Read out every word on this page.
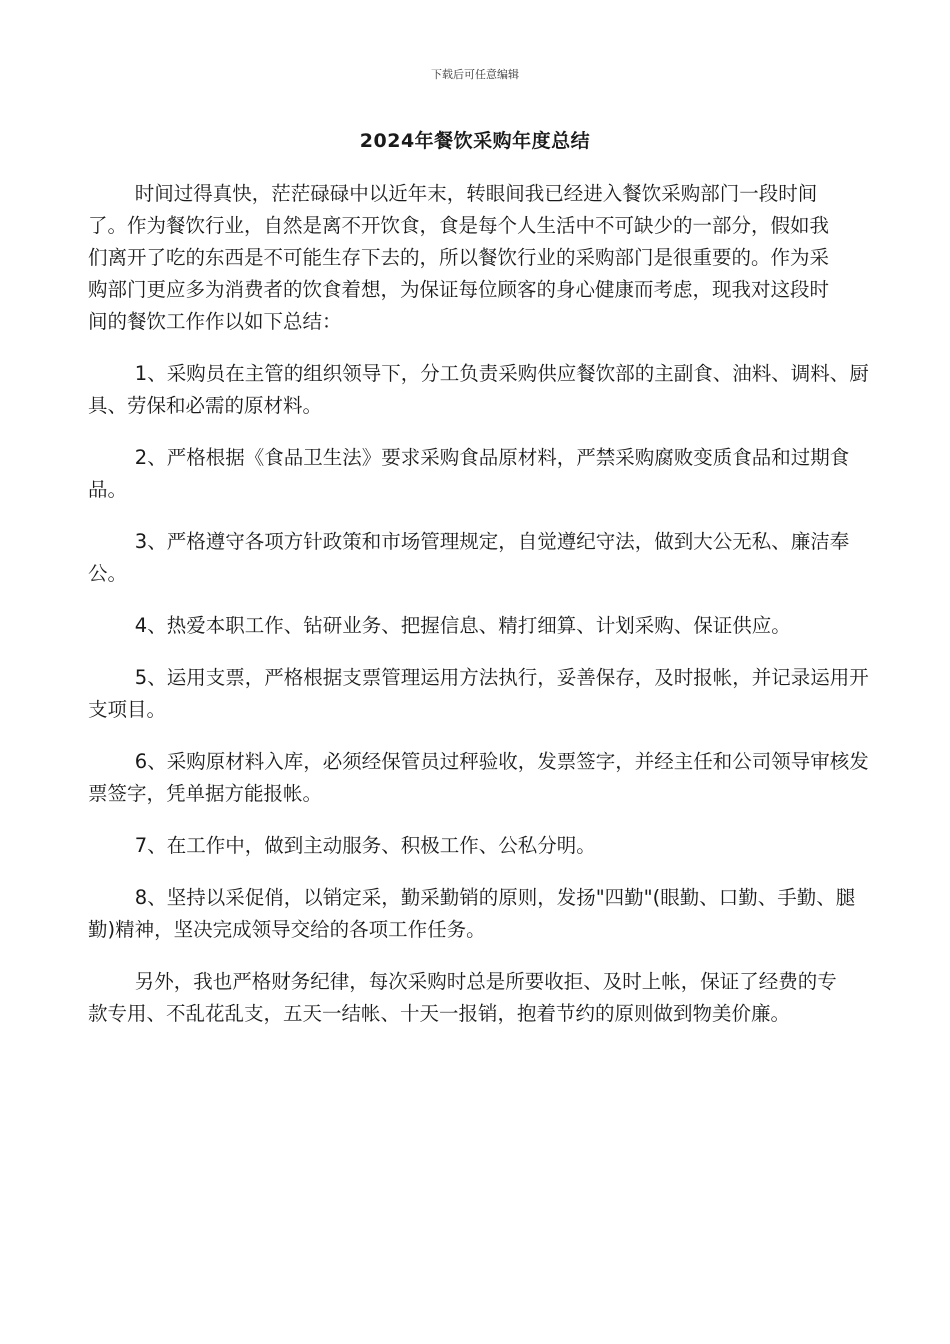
下载后可任意编辑
2024年餐饮采购年度总结

时间过得真快，茫茫碌碌中以近年末，转眼间我已经进入餐饮采购部门一段时间了。作为餐饮行业，自然是离不开饮食，食是每个人生活中不可缺少的一部分，假如我们离开了吃的东西是不可能生存下去的，所以餐饮行业的采购部门是很重要的。作为采购部门更应多为消费者的饮食着想，为保证每位顾客的身心健康而考虑，现我对这段时间的餐饮工作作以如下总结：

1、采购员在主管的组织领导下，分工负责采购供应餐饮部的主副食、油料、调料、厨具、劳保和必需的原材料。

2、严格根据《食品卫生法》要求采购食品原材料，严禁采购腐败变质食品和过期食品。

3、严格遵守各项方针政策和市场管理规定，自觉遵纪守法，做到大公无私、廉洁奉公。

4、热爱本职工作、钻研业务、把握信息、精打细算、计划采购、保证供应。

5、运用支票，严格根据支票管理运用方法执行，妥善保存，及时报帐，并记录运用开支项目。

6、采购原材料入库，必须经保管员过秤验收，发票签字，并经主任和公司领导审核发票签字，凭单据方能报帐。

7、在工作中，做到主动服务、积极工作、公私分明。

8、坚持以采促俏，以销定采，勤采勤销的原则，发扬"四勤"(眼勤、口勤、手勤、腿勤)精神，坚决完成领导交给的各项工作任务。

另外，我也严格财务纪律，每次采购时总是所要收拒、及时上帐，保证了经费的专款专用、不乱花乱支，五天一结帐、十天一报销，抱着节约的原则做到物美价廉。
